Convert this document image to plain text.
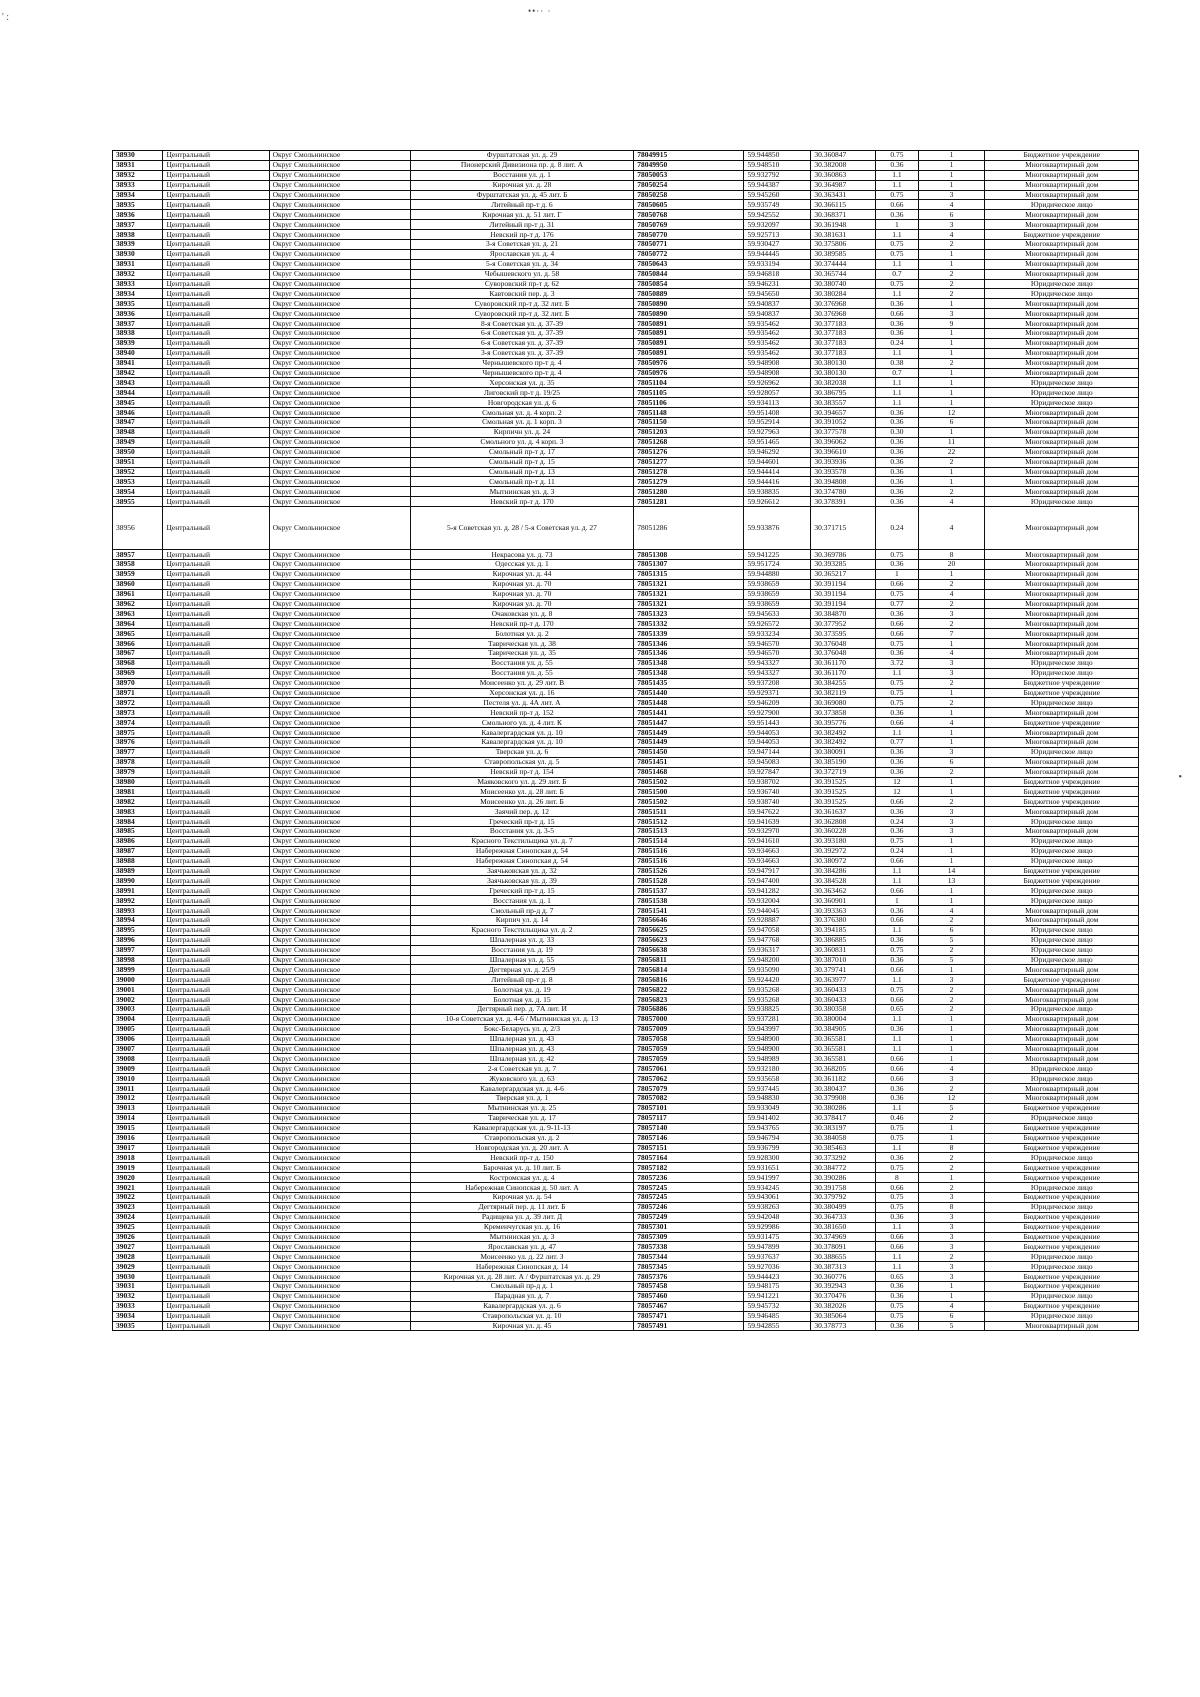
••·· ·
' :
•
38930	Центральный	Округ Смольнинское	Фурштатская ул. д. 29	78049915	59.944850	30.360847	0.75	1	Бюджетное учреждение
38931	Центральный	Округ Смольнинское	Пионерский Дивизиона пр. д. 8 лит. А	78049950	59.948510	30.382008	0.36	1	Многоквартирный дом
38932	Центральный	Округ Смольнинское	Восстания ул. д. 1	78050053	59.932792	30.360863	1.1	1	Многоквартирный дом
38933	Центральный	Округ Смольнинское	Кирочная ул. д. 28	78050254	59.944387	30.364987	1.1	1	Многоквартирный дом
38934	Центральный	Округ Смольнинское	Фурштатская ул. д. 45 лит. Б	78050258	59.945260	30.363431	0.75	3	Многоквартирный дом
38935	Центральный	Округ Смольнинское	Литейный пр-т д. 6	78050605	59.935749	30.366115	0.66	4	Юридическое лицо
38936	Центральный	Округ Смольнинское	Кирочная ул. д. 51 лит. Г	78050768	59.942552	30.368371	0.36	6	Многоквартирный дом
38937	Центральный	Округ Смольнинское	Литейный пр-т д. 31	78050769	59.932097	30.361948	1	3	Многоквартирный дом
38938	Центральный	Округ Смольнинское	Невский пр-т д. 176	78050770	59.925713	30.381631	1.1	4	Бюджетное учреждение
38939	Центральный	Округ Смольнинское	3-я Советская ул. д. 21	78050771	59.930427	30.375806	0.75	2	Многоквартирный дом
38930	Центральный	Округ Смольнинское	Ярославская ул. д. 4	78050772	59.944445	30.389585	0.75	1	Многоквартирный дом
38931	Центральный	Округ Смольнинское	5-я Советская ул. д. 34	78050643	59.933194	30.374444	1.1	1	Многоквартирный дом
38932	Центральный	Округ Смольнинское	Чебышевского ул. д. 58	78050844	59.946818	30.365744	0.7	2	Многоквартирный дом
38933	Центральный	Округ Смольнинское	Суворовский пр-т д. 62	78050854	59.946231	30.380740	0.75	2	Юридическое лицо
38934	Центральный	Округ Смольнинское	Кавтовский пер. д. 3	78050889	59.945650	30.380284	1.1	2	Юридическое лицо
38935	Центральный	Округ Смольнинское	Суворовский пр-т д. 32 лит. Б	78050890	59.940837	30.376968	0.36	1	Многоквартирный дом
38936	Центральный	Округ Смольнинское	Суворовский пр-т д. 32 лит. Б	78050890	59.940837	30.376968	0.66	3	Многоквартирный дом
38937	Центральный	Округ Смольнинское	8-я Советская ул. д. 37-39	78050891	59.935462	30.377183	0.36	9	Многоквартирный дом
38938	Центральный	Округ Смольнинское	6-я Советская ул. д. 37-39	78050891	59.935462	30.377183	0.36	1	Многоквартирный дом
38939	Центральный	Округ Смольнинское	6-я Советская ул. д. 37-39	78050891	59.935462	30.377183	0.24	1	Многоквартирный дом
38940	Центральный	Округ Смольнинское	3-я Советская ул. д. 37-39	78050891	59.935462	30.377183	1.1	1	Многоквартирный дом
38941	Центральный	Округ Смольнинское	Чернышевского пр-т д. 4	78050976	59.948908	30.380130	0.38	2	Многоквартирный дом
38942	Центральный	Округ Смольнинское	Чернышевского пр-т д. 4	78050976	59.948908	30.380130	0.7	1	Многоквартирный дом
38943	Центральный	Округ Смольнинское	Херсонская ул. д. 35	78051104	59.926962	30.382038	1.1	1	Юридическое лицо
38944	Центральный	Округ Смольнинское	Лиговский пр-т д. 19/25	78051105	59.928057	30.386795	1.1	1	Юридическое лицо
38945	Центральный	Округ Смольнинское	Новгородская ул. д. 6	78051106	59.934113	30.383557	1.1	1	Юридическое лицо
38946	Центральный	Округ Смольнинское	Смольная ул. д. 4 корп. 2	78051148	59.951408	30.394657	0.36	12	Многоквартирный дом
38947	Центральный	Округ Смольнинское	Смольная ул. д. 1 корп. 3	78051150	59.952914	30.391052	0.36	6	Многоквартирный дом
38948	Центральный	Округ Смольнинское	Кирпичн ул. д. 24	78051203	59.927963	30.377578	0.30	1	Многоквартирный дом
38949	Центральный	Округ Смольнинское	Смольного ул. д. 4 корп. 3	78051268	59.951465	30.396062	0.36	11	Многоквартирный дом
38950	Центральный	Округ Смольнинское	Смольный пр-т д. 17	78051276	59.946292	30.396610	0.36	22	Многоквартирный дом
38951	Центральный	Округ Смольнинское	Смольный пр-т д. 15	78051277	59.944601	30.393936	0.36	2	Многоквартирный дом
38952	Центральный	Округ Смольнинское	Смольный пр-т д. 13	78051278	59.944414	30.393578	0.36	1	Многоквартирный дом
38953	Центральный	Округ Смольнинское	Смольный пр-т д. 11	78051279	59.944416	30.394808	0.36	1	Многоквартирный дом
38954	Центральный	Округ Смольнинское	Мытнинская ул. д. 3	78051280	59.938835	30.374780	0.36	2	Многоквартирный дом
38955	Центральный	Округ Смольнинское	Невский пр-т д. 170	78051281	59.926612	30.378391	0.36	4	Юридическое лицо
38956	Центральный	Округ Смольнинское	5-я Советская ул. д. 28 / 5-я Советская ул. д. 27	78051286	59.933876	30.371715	0.24	4	Многоквартирный дом
38957	Центральный	Округ Смольнинское	Некрасова ул. д. 73	78051308	59.941225	30.369786	0.75	8	Многоквартирный дом
38958	Центральный	Округ Смольнинское	Одесская ул. д. 1	78051307	59.951724	30.393285	0.36	20	Многоквартирный дом
38959	Центральный	Округ Смольнинское	Кирочная ул. д. 44	78051315	59.944880	30.365217	1	1	Многоквартирный дом
38960	Центральный	Округ Смольнинское	Кирочная ул. д. 70	78051321	59.938659	30.391194	0.66	2	Многоквартирный дом
38961	Центральный	Округ Смольнинское	Кирочная ул. д. 70	78051321	59.938659	30.391194	0.75	4	Многоквартирный дом
38962	Центральный	Округ Смольнинское	Кирочная ул. д. 70	78051321	59.938659	30.391194	0.77	2	Многоквартирный дом
38963	Центральный	Округ Смольнинское	Очаковская ул. д. 8	78051323	59.945633	30.384870	0.36	3	Многоквартирный дом
38964	Центральный	Округ Смольнинское	Невский пр-т д. 170	78051332	59.926572	30.377952	0.66	2	Многоквартирный дом
38965	Центральный	Округ Смольнинское	Болотная ул. д. 2	78051339	59.933234	30.373595	0.66	7	Многоквартирный дом
38966	Центральный	Округ Смольнинское	Таврическая ул. д. 38	78051346	59.946570	30.376048	0.75	1	Многоквартирный дом
38967	Центральный	Округ Смольнинское	Таврическая ул. д. 35	78051346	59.946570	30.376048	0.36	4	Многоквартирный дом
38968	Центральный	Округ Смольнинское	Восстания ул. д. 55	78051348	59.943327	30.361170	3.72	3	Юридическое лицо
38969	Центральный	Округ Смольнинское	Восстания ул. д. 55	78051348	59.943327	30.361170	1.1	3	Юридическое лицо
38970	Центральный	Округ Смольнинское	Моисеенко ул. д. 29 лит. В	78051435	59.937208	30.384255	0.75	2	Бюджетное учреждение
38971	Центральный	Округ Смольнинское	Херсонская ул. д. 16	78051440	59.929371	30.382119	0.75	1	Бюджетное учреждение
38972	Центральный	Округ Смольнинское	Пестеля ул. д. 4А лит. А	78051448	59.946209	30.369080	0.75	2	Юридическое лицо
38973	Центральный	Округ Смольнинское	Невский пр-т д. 152	78051441	59.927900	30.373858	0.36	1	Многоквартирный дом
38974	Центральный	Округ Смольнинское	Смольного ул. д. 4 лит. К	78051447	59.951443	30.395776	0.66	4	Бюджетное учреждение
38975	Центральный	Округ Смольнинское	Кавалергардская ул. д. 10	78051449	59.944053	30.382492	1.1	1	Многоквартирный дом
38976	Центральный	Округ Смольнинское	Кавалергардская ул. д. 10	78051449	59.944053	30.382492	0.77	1	Многоквартирный дом
38977	Центральный	Округ Смольнинское	Тверская ул. д. 6	78051450	59.947144	30.380091	0.36	3	Юридическое лицо
38978	Центральный	Округ Смольнинское	Ставропольская ул. д. 5	78051451	59.945083	30.385190	0.36	6	Многоквартирный дом
38979	Центральный	Округ Смольнинское	Невский пр-т д. 154	78051468	59.927847	30.372719	0.36	2	Многоквартирный дом
38980	Центральный	Округ Смольнинское	Маяковского ул. д. 29 лит. Б	78051502	59.938702	30.391525	12	1	Бюджетное учреждение
38981	Центральный	Округ Смольнинское	Моисеенко ул. д. 28 лит. Б	78051500	59.936740	30.391525	12	1	Бюджетное учреждение
38982	Центральный	Округ Смольнинское	Моисеенко ул. д. 26 лит. Б	78051502	59.938740	30.391525	0.66	2	Бюджетное учреждение
38983	Центральный	Округ Смольнинское	Заячий пер. д. 12	78051511	59.947622	30.361637	0.36	3	Многоквартирный дом
38984	Центральный	Округ Смольнинское	Греческий пр-т д. 15	78051512	59.941639	30.362808	0.24	3	Юридическое лицо
38985	Центральный	Округ Смольнинское	Восстания ул. д. 3-5	78051513	59.932970	30.360228	0.36	3	Многоквартирный дом
38986	Центральный	Округ Смольнинское	Красного Текстильщика ул. д. 7	78051514	59.941610	30.393180	0.75	1	Юридическое лицо
38987	Центральный	Округ Смольнинское	Набережная Синопская д. 54	78051516	59.934663	30.392972	0.24	1	Юридическое лицо
38988	Центральный	Округ Смольнинское	Набережная Синопская д. 54	78051516	59.934663	30.380972	0.66	1	Юридическое лицо
38989	Центральный	Округ Смольнинское	Заячьковская ул. д. 32	78051526	59.947917	30.384286	1.1	14	Бюджетное учреждение
38990	Центральный	Округ Смольнинское	Заячьковская ул. д. 39	78051528	59.947400	30.384528	1.1	13	Бюджетное учреждение
38991	Центральный	Округ Смольнинское	Греческий пр-т д. 15	78051537	59.941282	30.363462	0.66	1	Юридическое лицо
38992	Центральный	Округ Смольнинское	Восстания ул. д. 1	78051538	59.932004	30.360901	1	1	Юридическое лицо
38993	Центральный	Округ Смольнинское	Смольный пр-д д. 7	78051541	59.944045	30.393363	0.36	4	Многоквартирный дом
38994	Центральный	Округ Смольнинское	Кирпич ул. д. 14	78056646	59.928887	30.376380	0.66	2	Многоквартирный дом
38995	Центральный	Округ Смольнинское	Красного Текстильщика ул. д. 2	78056625	59.947058	30.394185	1.1	6	Юридическое лицо
38996	Центральный	Округ Смольнинское	Шпалерная ул. д. 33	78056623	59.947768	30.386885	0.36	5	Юридическое лицо
38997	Центральный	Округ Смольнинское	Восстания ул. д. 19	78056638	59.936317	30.360831	0.75	2	Юридическое лицо
38998	Центральный	Округ Смольнинское	Шпалерная ул. д. 55	78056811	59.948200	30.387010	0.36	5	Юридическое лицо
38999	Центральный	Округ Смольнинское	Дегтярная ул. д. 25/9	78056814	59.935090	30.379741	0.66	1	Многоквартирный дом
39000	Центральный	Округ Смольнинское	Литейный пр-т д. 8	78056816	59.924420	30.363977	1.1	3	Бюджетное учреждение
39001	Центральный	Округ Смольнинское	Болотная ул. д. 19	78056822	59.935268	30.360433	0.75	2	Многоквартирный дом
39002	Центральный	Округ Смольнинское	Болотная ул. д. 15	78056823	59.935268	30.360433	0.66	2	Многоквартирный дом
39003	Центральный	Округ Смольнинское	Дегтярный пер. д. 7А лит. И	78056886	59.938825	30.380358	0.65	2	Юридическое лицо
39004	Центральный	Округ Смольнинское	10-я Советская ул. д. 4-6 / Мытнинская ул. д. 13	78057000	59.937281	30.380004	1.1	1	Многоквартирный дом
39005	Центральный	Округ Смольнинское	Бокс-Беларусь ул. д. 2/3	78057009	59.943997	30.384905	0.36	1	Многоквартирный дом
39006	Центральный	Округ Смольнинское	Шпалерная ул. д. 43	78057058	59.948900	30.365581	1.1	1	Многоквартирный дом
39007	Центральный	Округ Смольнинское	Шпалерная ул. д. 43	78057059	59.948900	30.365581	1.1	1	Многоквартирный дом
39008	Центральный	Округ Смольнинское	Шпалерная ул. д. 42	78057059	59.948989	30.365581	0.66	1	Многоквартирный дом
39009	Центральный	Округ Смольнинское	2-я Советская ул. д. 7	78057061	59.932180	30.368205	0.66	4	Юридическое лицо
39010	Центральный	Округ Смольнинское	Жуковского ул. д. 63	78057062	59.935658	30.361182	0.66	3	Юридическое лицо
39011	Центральный	Округ Смольнинское	Кавалергардская ул. д. 4-6	78057079	59.937445	30.380437	0.36	2	Многоквартирный дом
39012	Центральный	Округ Смольнинское	Тверская ул. д. 1	78057082	59.948830	30.379908	0.36	12	Многоквартирный дом
39013	Центральный	Округ Смольнинское	Мытнинская ул. д. 25	78057101	59.933049	30.380286	1.1	5	Бюджетное учреждение
39014	Центральный	Округ Смольнинское	Таврическая ул. д. 17	78057117	59.941402	30.378417	0.46	2	Юридическое лицо
39015	Центральный	Округ Смольнинское	Кавалергардская ул. д. 9-11-13	78057140	59.943765	30.383197	0.75	1	Бюджетное учреждение
39016	Центральный	Округ Смольнинское	Ставропольская ул. д. 2	78057146	59.946794	30.384058	0.75	1	Бюджетное учреждение
39017	Центральный	Округ Смольнинское	Новгородская ул. д. 20 лит. А	78057151	59.936799	30.385463	1.1	8	Бюджетное учреждение
39018	Центральный	Округ Смольнинское	Невский пр-т д. 150	78057164	59.928300	30.373292	0.36	2	Юридическое лицо
39019	Центральный	Округ Смольнинское	Барочная ул. д. 10 лит. Б	78057182	59.931651	30.384772	0.75	2	Бюджетное учреждение
39020	Центральный	Округ Смольнинское	Костромская ул. д. 4	78057236	59.941997	30.390286	8	1	Бюджетное учреждение
39021	Центральный	Округ Смольнинское	Набережная Синопская д. 50 лит. А	78057245	59.934245	30.391758	0.66	2	Юридическое лицо
39022	Центральный	Округ Смольнинское	Кирочная ул. д. 54	78057245	59.943061	30.379792	0.75	3	Бюджетное учреждение
39023	Центральный	Округ Смольнинское	Дегтярный пер. д. 11 лит. Б	78057246	59.938263	30.380499	0.75	8	Юридическое лицо
39024	Центральный	Округ Смольнинское	Радищева ул. д. 39 лит. Д	78057249	59.942048	30.364733	0.36	3	Бюджетное учреждение
39025	Центральный	Округ Смольнинское	Кременчугская ул. д. 16	78057301	59.929986	30.381650	1.1	3	Бюджетное учреждение
39026	Центральный	Округ Смольнинское	Мытнинская ул. д. 3	78057309	59.931475	30.374969	0.66	3	Бюджетное учреждение
39027	Центральный	Округ Смольнинское	Ярославская ул. д. 47	78057338	59.947899	30.378091	0.66	3	Бюджетное учреждение
39028	Центральный	Округ Смольнинское	Моисеенко ул. д. 22 лит. З	78057344	59.937637	30.388655	1.1	2	Юридическое лицо
39029	Центральный	Округ Смольнинское	Набережная Синопская д. 14	78057345	59.927036	30.387313	1.1	3	Юридическое лицо
39030	Центральный	Округ Смольнинское	Кирочная ул. д. 28 лит. А / Фурштатская ул. д. 29	78057376	59.944423	30.360776	0.65	3	Бюджетное учреждение
39031	Центральный	Округ Смольнинское	Смольный пр-д д. 1	78057458	59.948175	30.392943	0.36	1	Бюджетное учреждение
39032	Центральный	Округ Смольнинское	Парадная ул. д. 7	78057460	59.941221	30.370476	0.36	1	Юридическое лицо
39033	Центральный	Округ Смольнинское	Кавалергардская ул. д. 6	78057467	59.945732	30.382026	0.75	4	Бюджетное учреждение
39034	Центральный	Округ Смольнинское	Ставропольская ул. д. 10	78057471	59.946485	30.385064	0.75	6	Юридическое лицо
39035	Центральный	Округ Смольнинское	Кирочная ул. д. 45	78057491	59.942855	30.378773	0.36	5	Многоквартирный дом
